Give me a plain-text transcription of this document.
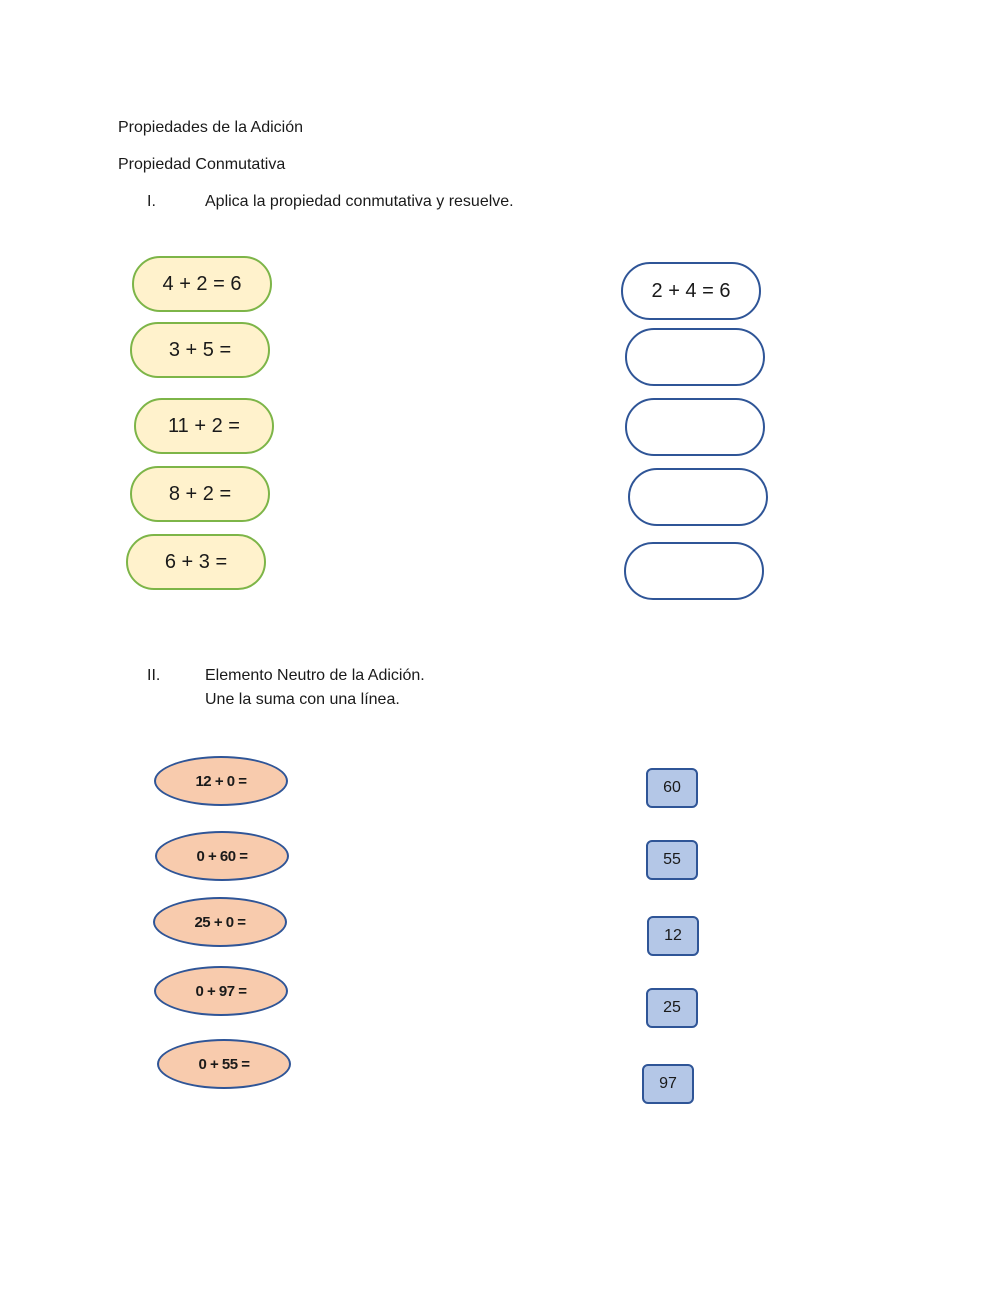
Propiedades de la Adición
Propiedad Conmutativa
I.	Aplica la propiedad conmutativa y resuelve.
4 + 2 = 6
3 + 5 =
11 + 2 =
8 + 2 =
6 + 3 =
2 + 4 = 6
II.	Elemento Neutro de la Adición.
Une la suma con una línea.
12 + 0 =
0 + 60 =
25 + 0 =
0 + 97 =
0 + 55 =
60
55
12
25
97
